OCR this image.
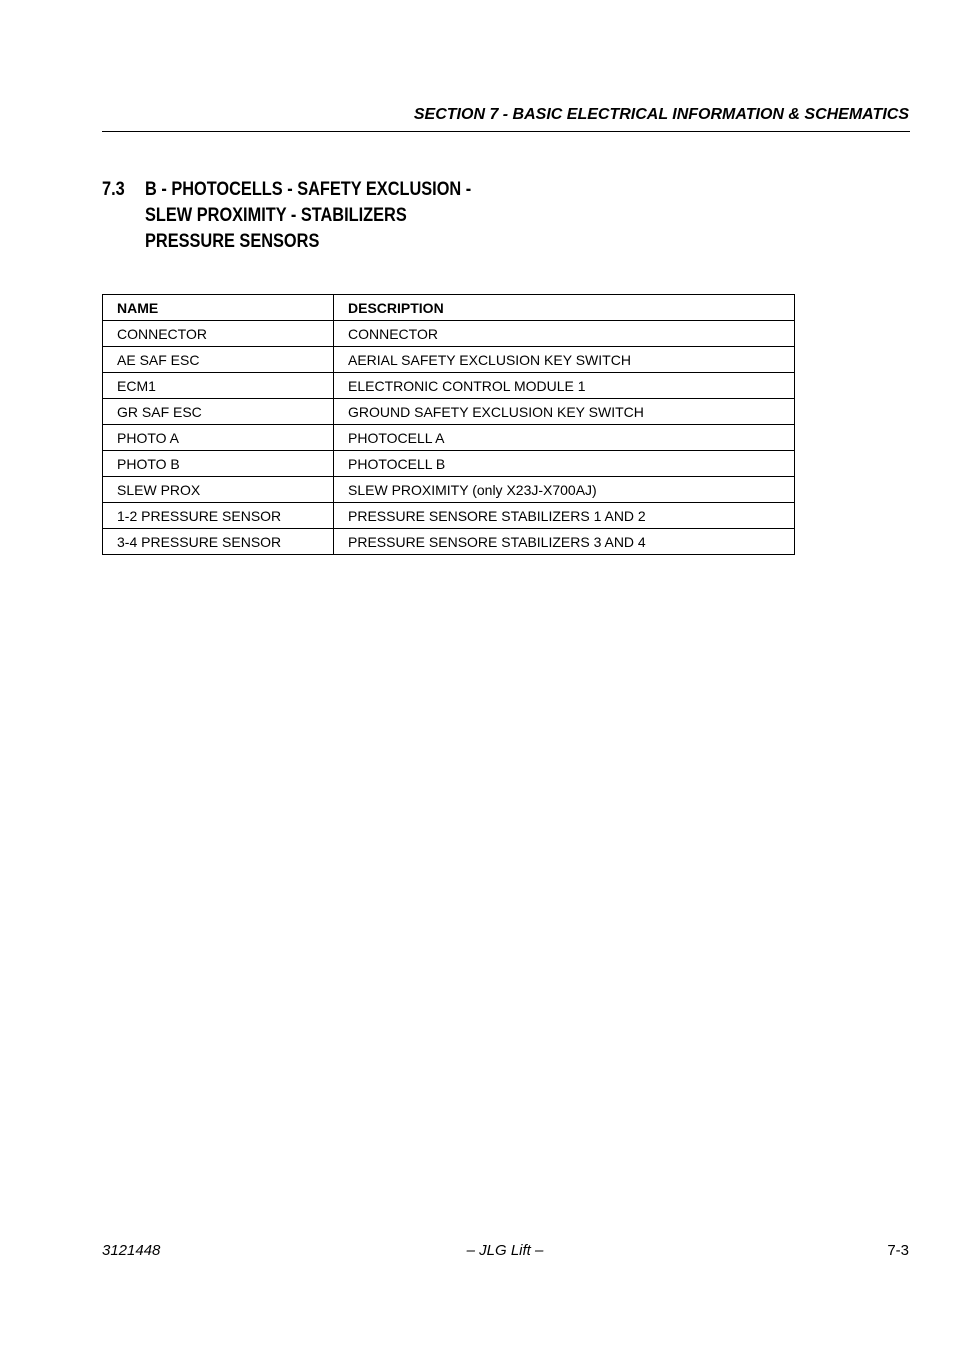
SECTION 7 - BASIC ELECTRICAL INFORMATION & SCHEMATICS
7.3 B - PHOTOCELLS - SAFETY EXCLUSION -
SLEW PROXIMITY - STABILIZERS
PRESSURE SENSORS
NAME	DESCRIPTION
CONNECTOR	CONNECTOR
AE SAF ESC	AERIAL SAFETY EXCLUSION KEY SWITCH
ECM1	ELECTRONIC CONTROL MODULE 1
GR SAF ESC	GROUND SAFETY EXCLUSION KEY SWITCH
PHOTO A	PHOTOCELL A
PHOTO B	PHOTOCELL B
SLEW PROX	SLEW PROXIMITY (only X23J-X700AJ)
1-2 PRESSURE SENSOR	PRESSURE SENSORE STABILIZERS 1 AND 2
3-4 PRESSURE SENSOR	PRESSURE SENSORE STABILIZERS 3 AND 4
3121448	– JLG Lift –	7-3
